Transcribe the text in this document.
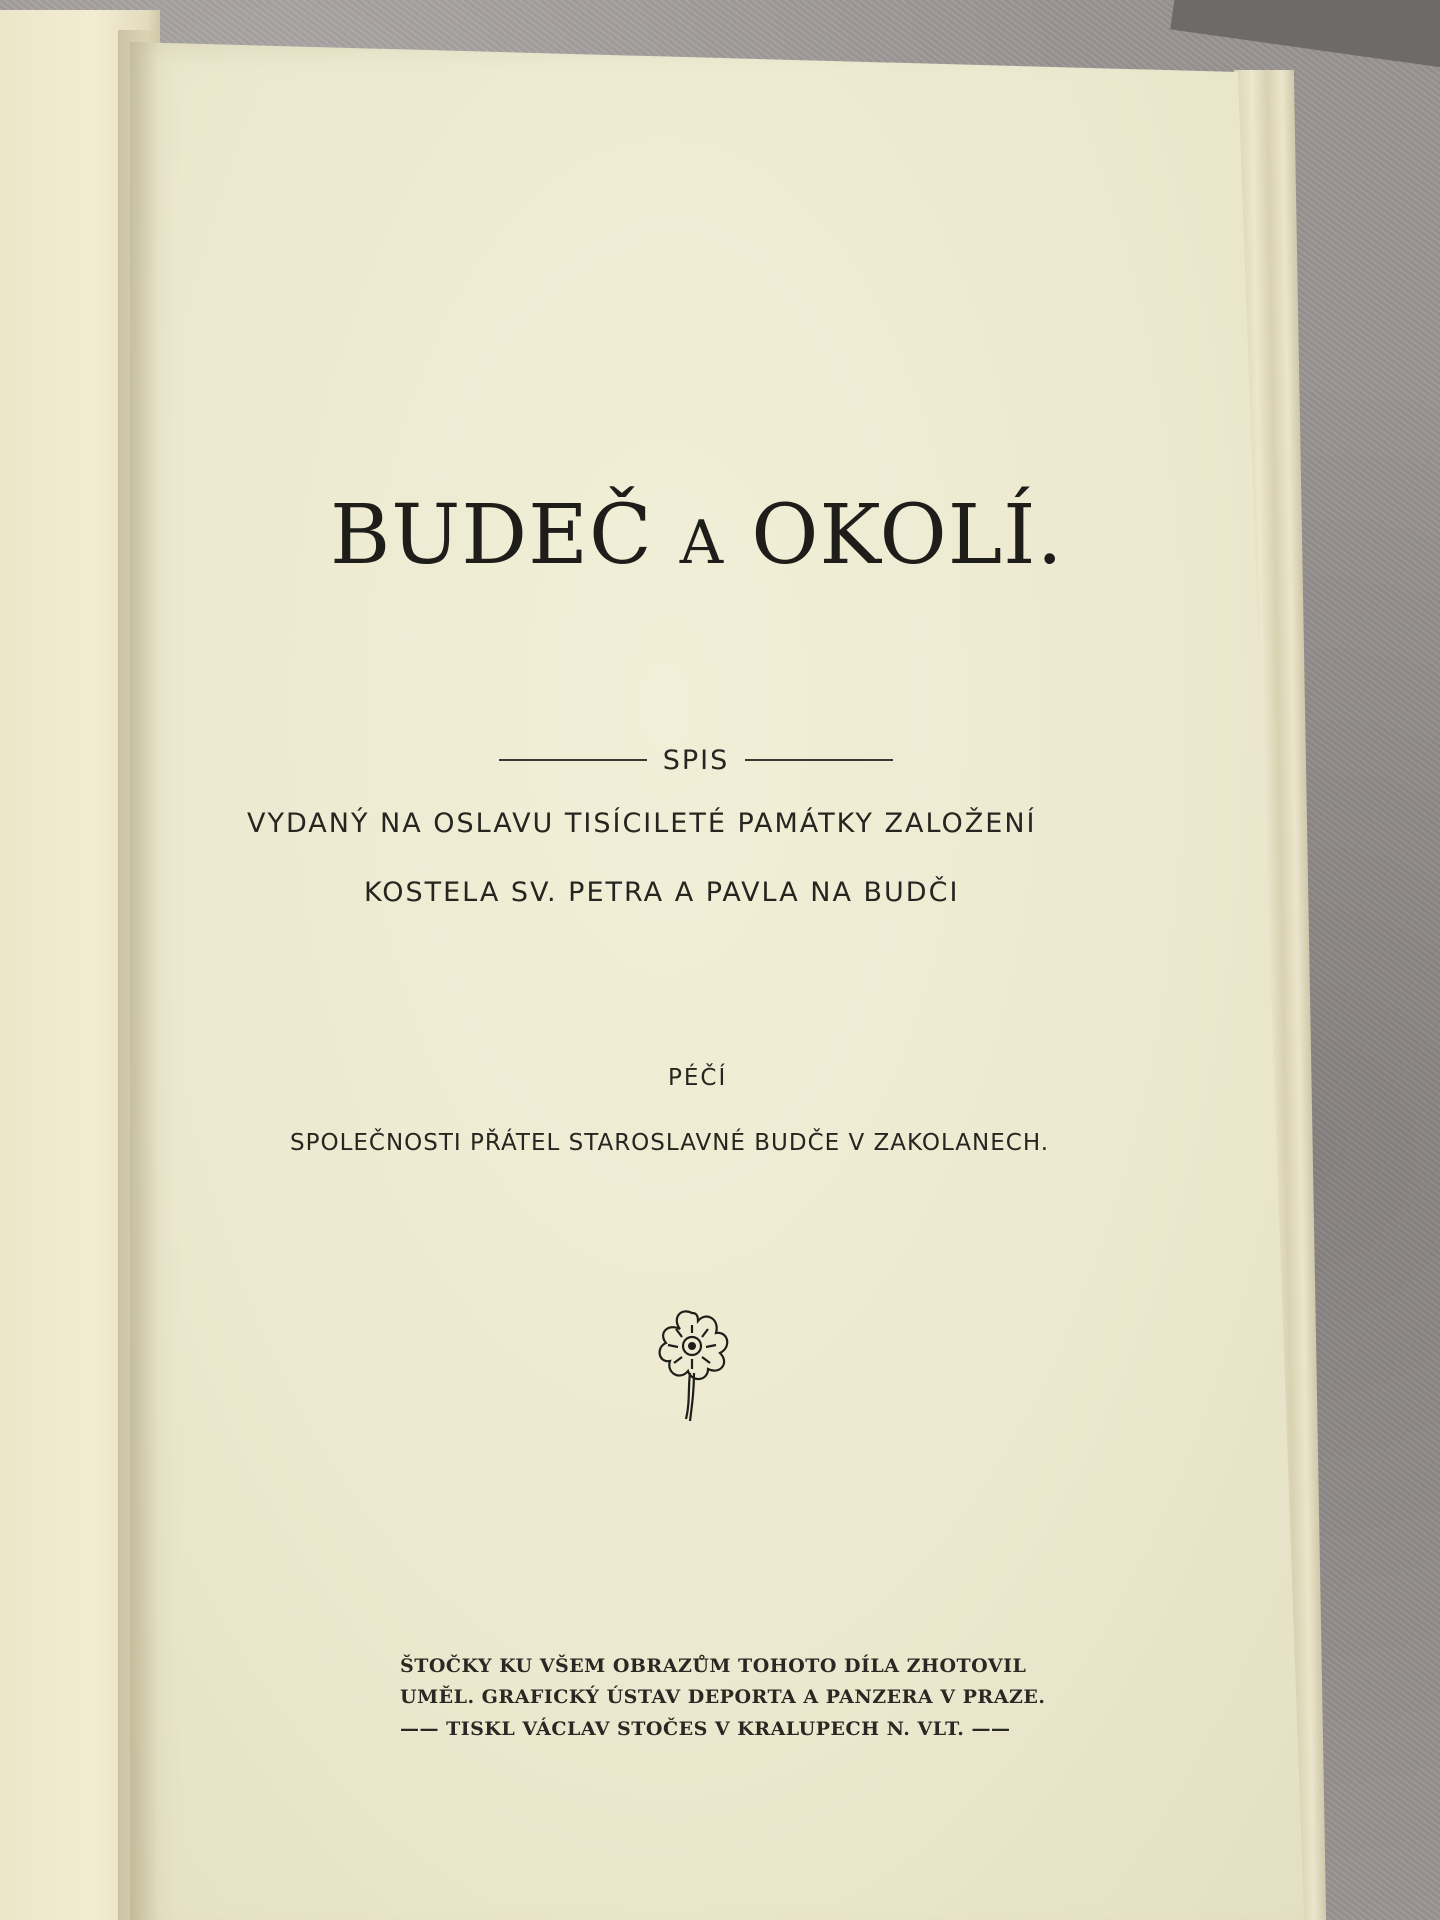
BUDEČ A OKOLÍ.
SPIS
VYDANÝ NA OSLAVU TISÍCILETÉ PAMÁTKY ZALOŽENÍ
KOSTELA SV. PETRA A PAVLA NA BUDČI
PÉČÍ
SPOLEČNOSTI PŘÁTEL STAROSLAVNÉ BUDČE V ZAKOLANECH.
ŠTOČKY KU VŠEM OBRAZŮM TOHOTO DÍLA ZHOTOVIL
UMĚL. GRAFICKÝ ÚSTAV DEPORTA A PANZERA V PRAZE.
—— TISKL VÁCLAV STOČES V KRALUPECH N. VLT. ——
